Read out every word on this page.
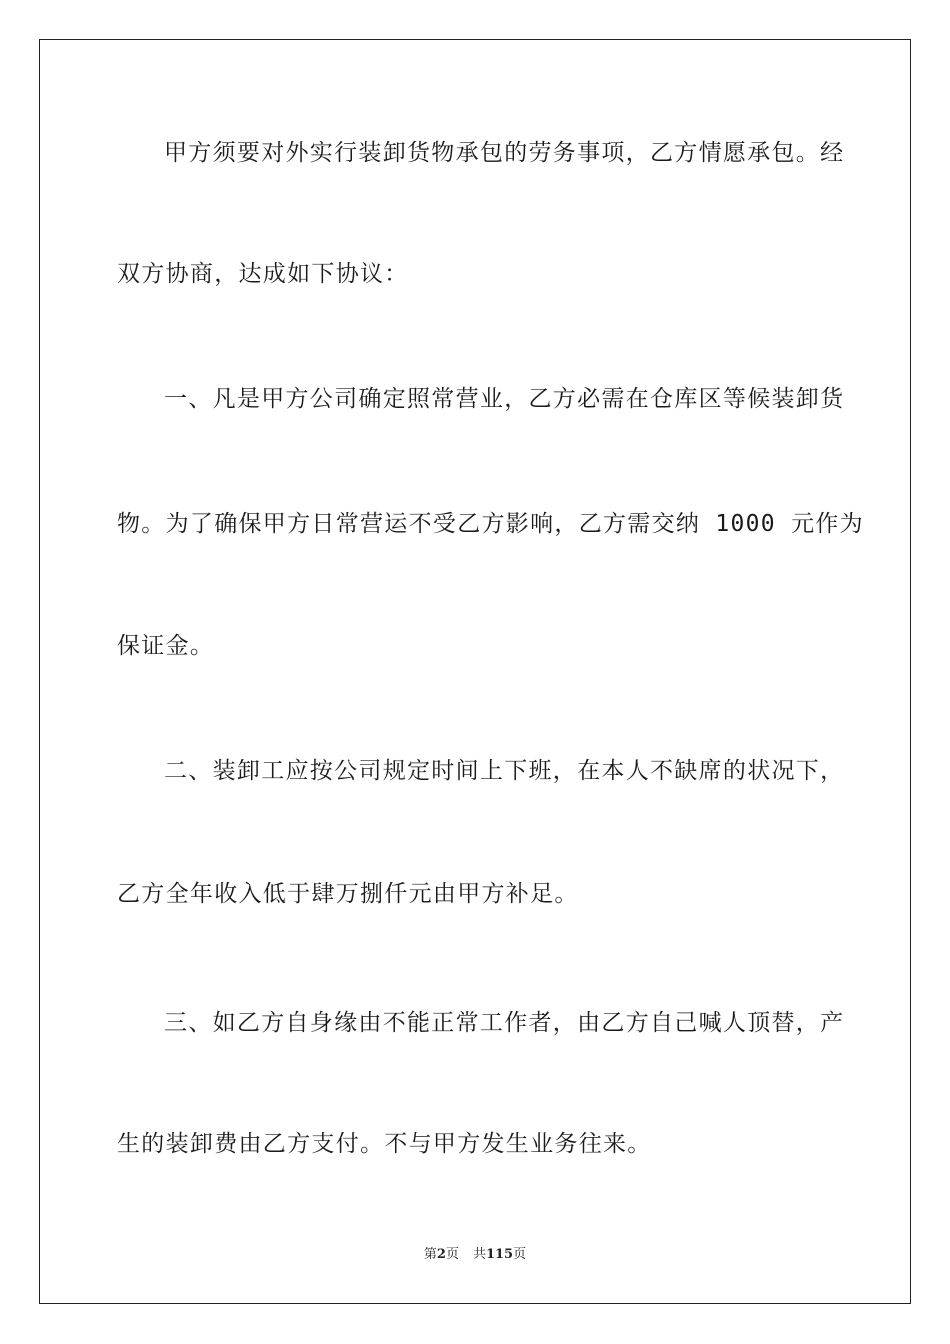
甲方须要对外实行装卸货物承包的劳务事项，乙方情愿承包。经
双方协商，达成如下协议：
一、凡是甲方公司确定照常营业，乙方必需在仓库区等候装卸货
物。为了确保甲方日常营运不受乙方影响，乙方需交纳 1000 元作为
保证金。
二、装卸工应按公司规定时间上下班，在本人不缺席的状况下，
乙方全年收入低于肆万捌仟元由甲方补足。
三、如乙方自身缘由不能正常工作者，由乙方自己喊人顶替，产
生的装卸费由乙方支付。不与甲方发生业务往来。
第2页 共115页
